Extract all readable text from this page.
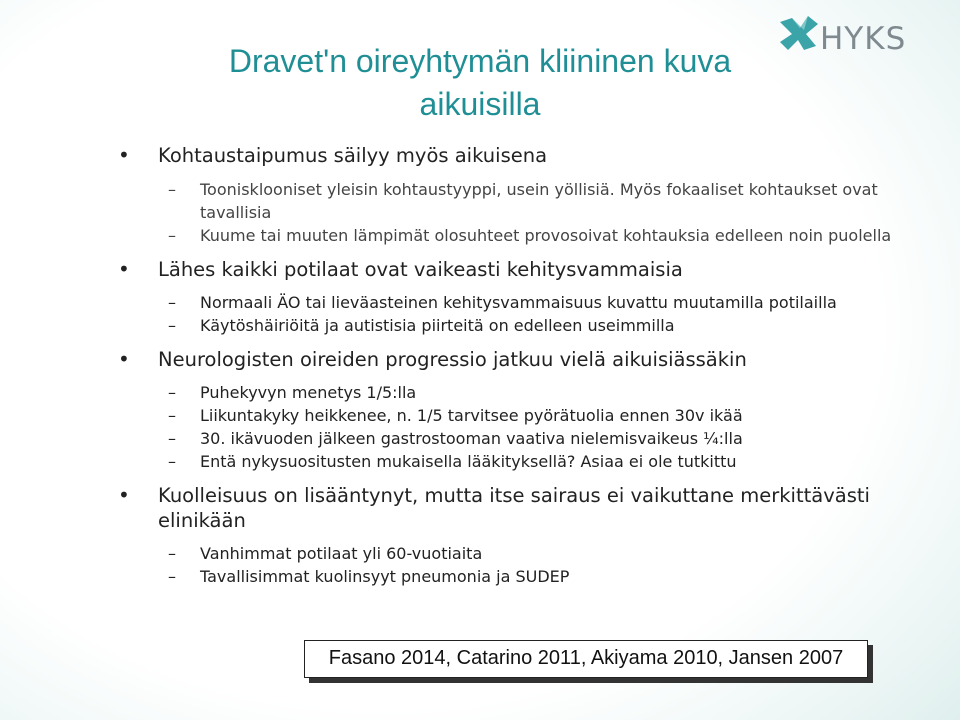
HYKS
Dravet'n oireyhtymän kliininen kuva
aikuisilla
• Kohtaustaipumus säilyy myös aikuisena
– Toonisklooniset yleisin kohtaustyyppi, usein yöllisiä. Myös fokaaliset kohtaukset ovat tavallisia
– Kuume tai muuten lämpimät olosuhteet provosoivat kohtauksia edelleen noin puolella
• Lähes kaikki potilaat ovat vaikeasti kehitysvammaisia
– Normaali ÄO tai lieväasteinen kehitysvammaisuus kuvattu muutamilla potilailla
– Käytöshäiriöitä ja autistisia piirteitä on edelleen useimmilla
• Neurologisten oireiden progressio jatkuu vielä aikuisiässäkin
– Puhekyvyn menetys 1/5:lla
– Liikuntakyky heikkenee, n. 1/5 tarvitsee pyörätuolia ennen 30v ikää
– 30. ikävuoden jälkeen gastrostooman vaativa nielemisvaikeus ¼:lla
– Entä nykysuositusten mukaisella lääkityksellä? Asiaa ei ole tutkittu
• Kuolleisuus on lisääntynyt, mutta itse sairaus ei vaikuttane merkittävästi elinikään
– Vanhimmat potilaat yli 60-vuotiaita
– Tavallisimmat kuolinsyyt pneumonia ja SUDEP
Fasano 2014, Catarino 2011, Akiyama 2010, Jansen 2007
